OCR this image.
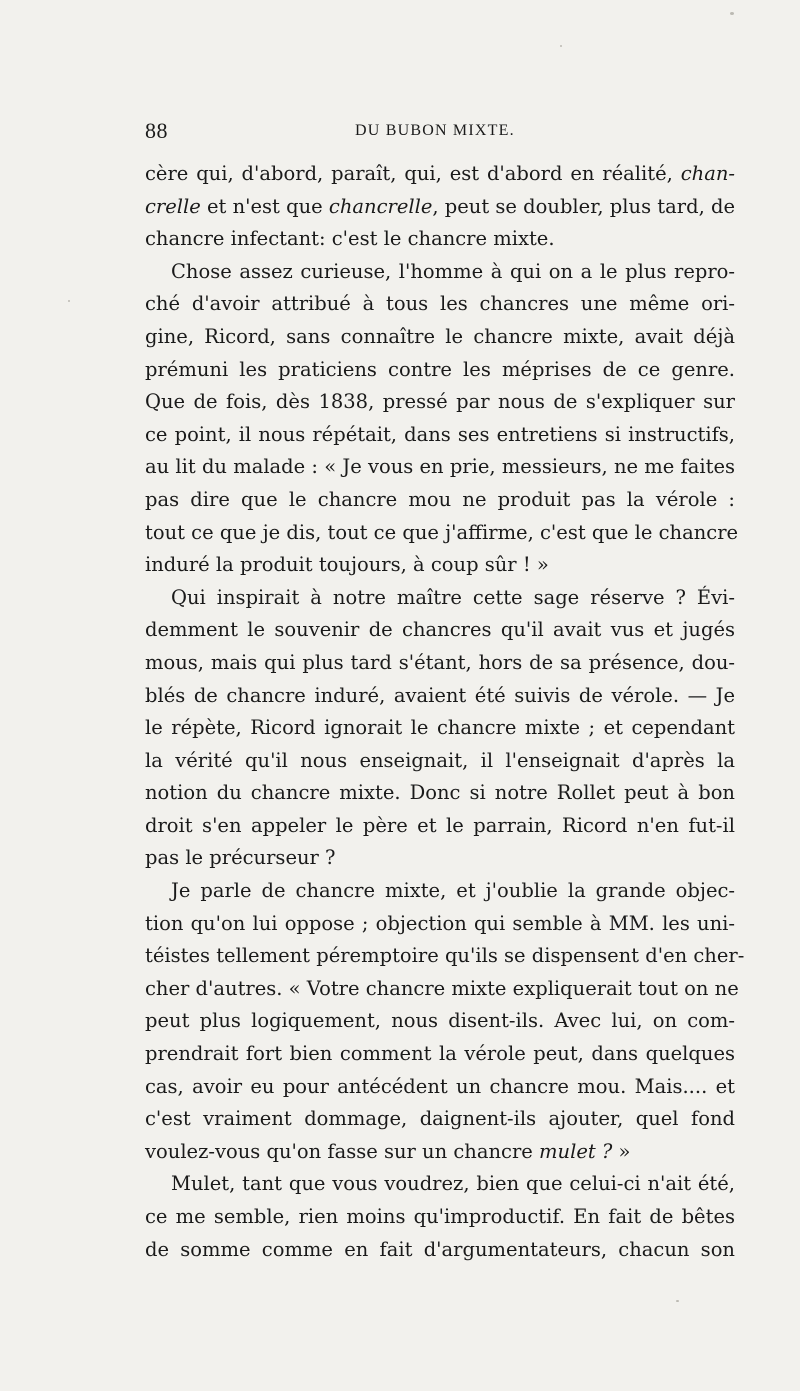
88	DU BUBON MIXTE.
cère qui, d'abord, paraît, qui, est d'abord en réalité, chan-
crelle et n'est que chancrelle, peut se doubler, plus tard, de
chancre infectant: c'est le chancre mixte.
Chose assez curieuse, l'homme à qui on a le plus repro-
ché d'avoir attribué à tous les chancres une même ori-
gine, Ricord, sans connaître le chancre mixte, avait déjà
prémuni les praticiens contre les méprises de ce genre.
Que de fois, dès 1838, pressé par nous de s'expliquer sur
ce point, il nous répétait, dans ses entretiens si instructifs,
au lit du malade : « Je vous en prie, messieurs, ne me faites
pas dire que le chancre mou ne produit pas la vérole :
tout ce que je dis, tout ce que j'affirme, c'est que le chancre
induré la produit toujours, à coup sûr ! »
Qui inspirait à notre maître cette sage réserve ? Évi-
demment le souvenir de chancres qu'il avait vus et jugés
mous, mais qui plus tard s'étant, hors de sa présence, dou-
blés de chancre induré, avaient été suivis de vérole. — Je
le répète, Ricord ignorait le chancre mixte ; et cependant
la vérité qu'il nous enseignait, il l'enseignait d'après la
notion du chancre mixte. Donc si notre Rollet peut à bon
droit s'en appeler le père et le parrain, Ricord n'en fut-il
pas le précurseur ?
Je parle de chancre mixte, et j'oublie la grande objec-
tion qu'on lui oppose ; objection qui semble à MM. les uni-
téistes tellement péremptoire qu'ils se dispensent d'en cher-
cher d'autres. « Votre chancre mixte expliquerait tout on ne
peut plus logiquement, nous disent-ils. Avec lui, on com-
prendrait fort bien comment la vérole peut, dans quelques
cas, avoir eu pour antécédent un chancre mou. Mais.... et
c'est vraiment dommage, daignent-ils ajouter, quel fond
voulez-vous qu'on fasse sur un chancre mulet ? »
Mulet, tant que vous voudrez, bien que celui-ci n'ait été,
ce me semble, rien moins qu'improductif. En fait de bêtes
de somme comme en fait d'argumentateurs, chacun son
